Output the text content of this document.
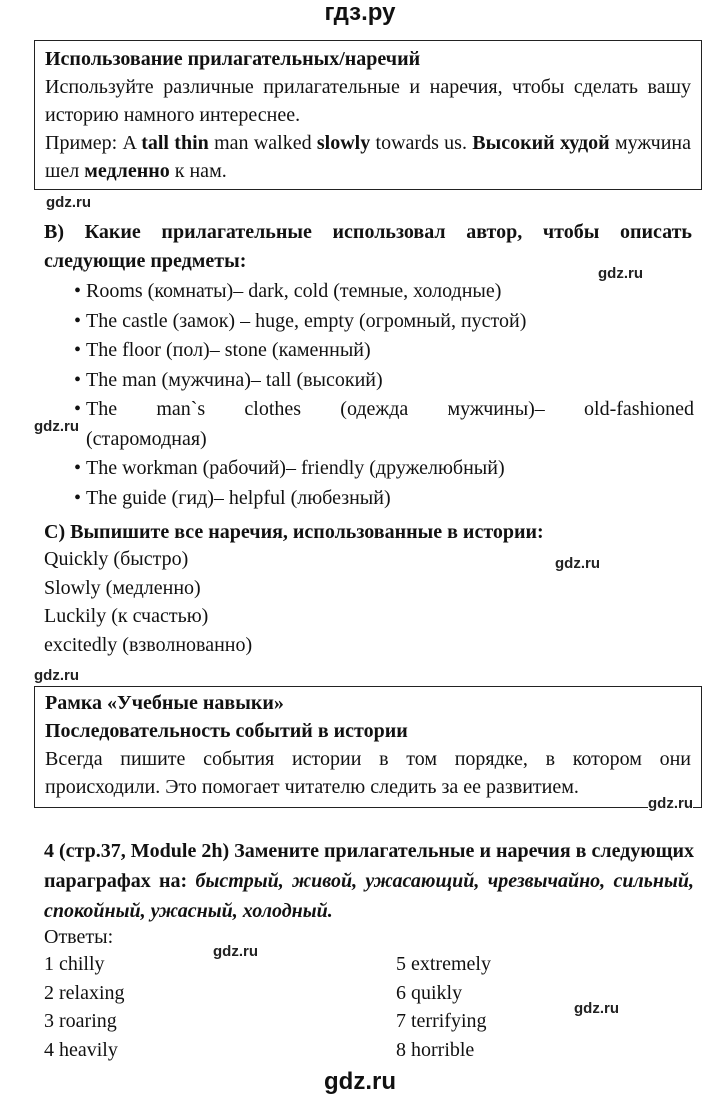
гдз.ру
Использование прилагательных/наречий
Используйте различные прилагательные и наречия, чтобы сделать вашу историю намного интереснее.
Пример: A tall thin man walked slowly towards us. Высокий худой мужчина шел медленно к нам.
gdz.ru
B) Какие прилагательные использовал автор, чтобы описать следующие предметы:
gdz.ru
• Rooms (комнаты)– dark, cold (темные, холодные)
• The castle (замок) – huge, empty (огромный, пустой)
• The floor (пол)– stone (каменный)
• The man (мужчина)– tall (высокий)
• The man`s clothes (одежда мужчины)– old-fashioned (старомодная)
• The workman (рабочий)– friendly (дружелюбный)
• The guide (гид)– helpful (любезный)
gdz.ru
C) Выпишите все наречия, использованные в истории:
Quickly (быстро)
Slowly (медленно)
Luckily (к счастью)
excitedly (взволнованно)
gdz.ru
gdz.ru
Рамка «Учебные навыки»
Последовательность событий в истории
Всегда пишите события истории в том порядке, в котором они происходили. Это помогает читателю следить за ее развитием.
gdz.ru
4 (стр.37, Module 2h) Замените прилагательные и наречия в следующих параграфах на: быстрый, живой, ужасающий, чрезвычайно, сильный, спокойный, ужасный, холодный.
Ответы:
gdz.ru
1 chilly
2 relaxing
3 roaring
4 heavily
5 extremely
6 quikly
7 terrifying
8 horrible
gdz.ru
gdz.ru
